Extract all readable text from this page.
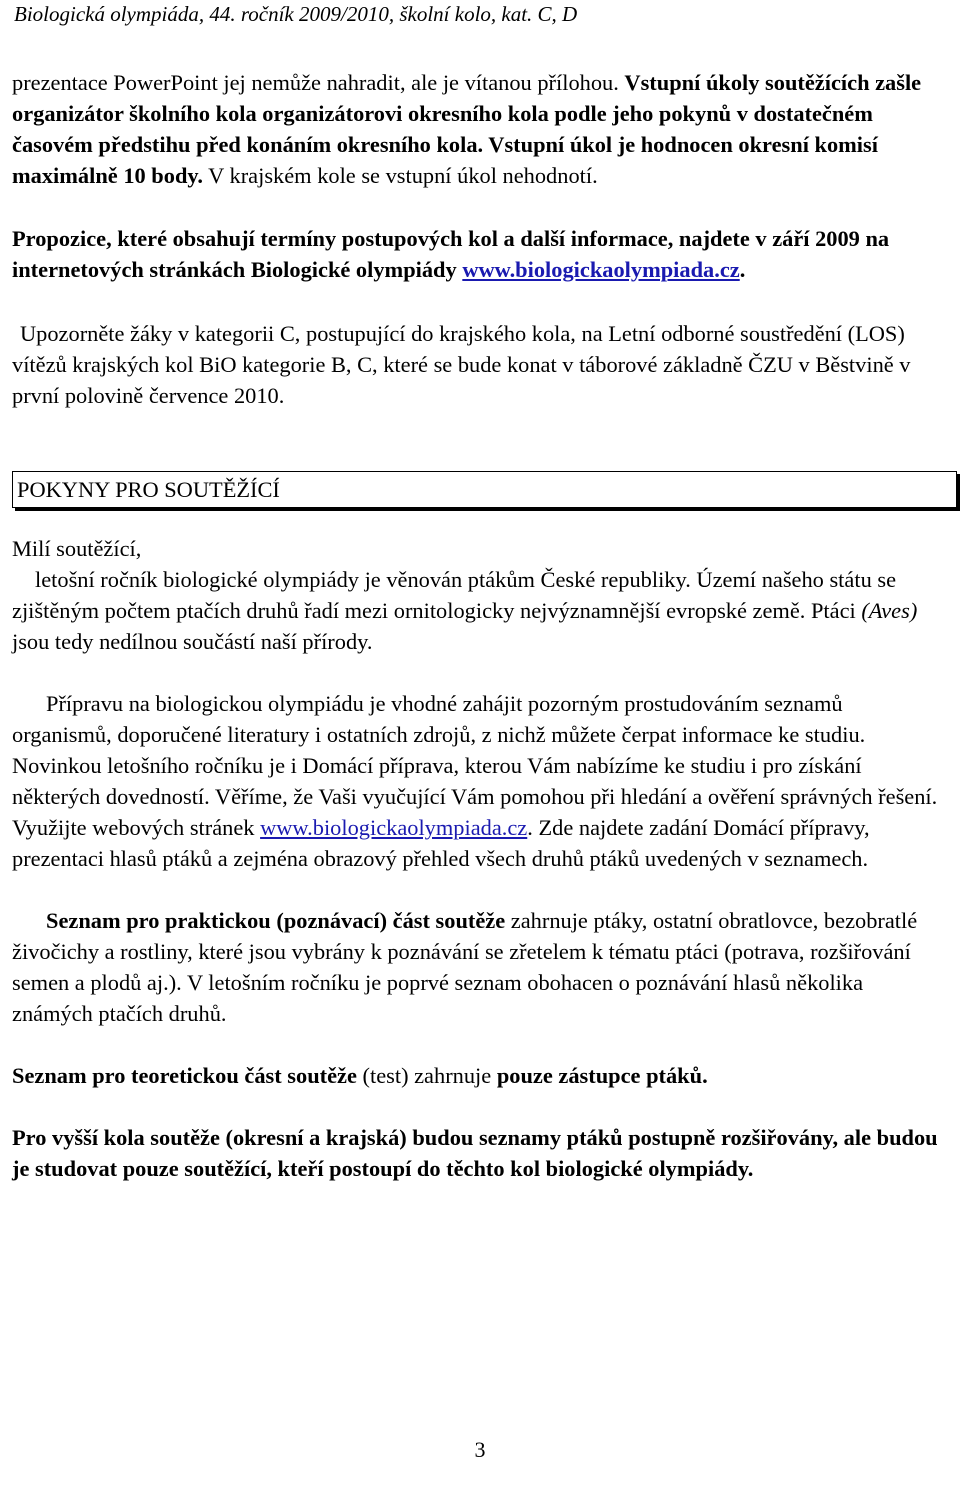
Biologická olympiáda, 44. ročník 2009/2010, školní kolo, kat. C, D

prezentace PowerPoint jej nemůže nahradit, ale je vítanou přílohou. Vstupní úkoly soutěžících zašle organizátor školního kola organizátorovi okresního kola podle jeho pokynů v dostatečném časovém předstihu před konáním okresního kola. Vstupní úkol je hodnocen okresní komisí maximálně 10 body. V krajském kole se vstupní úkol nehodnotí.

Propozice, které obsahují termíny postupových kol a další informace, najdete v září 2009 na internetových stránkách Biologické olympiády www.biologickaolympiada.cz.

Upozorněte žáky v kategorii C, postupující do krajského kola, na Letní odborné soustředění (LOS) vítězů krajských kol BiO kategorie B, C, které se bude konat v táborové základně ČZU v Běstvině v první polovině července 2010.

POKYNY PRO SOUTĚŽÍCÍ

Milí soutěžící,

letošní ročník biologické olympiády je věnován ptákům České republiky. Území našeho státu se zjištěným počtem ptačích druhů řadí mezi ornitologicky nejvýznamnější evropské země. Ptáci (Aves) jsou tedy nedílnou součástí naší přírody.

Přípravu na biologickou olympiádu je vhodné zahájit pozorným prostudováním seznamů organismů, doporučené literatury i ostatních zdrojů, z nichž můžete čerpat informace ke studiu. Novinkou letošního ročníku je i Domácí příprava, kterou Vám nabízíme ke studiu i pro získání některých dovedností. Věříme, že Vaši vyučující Vám pomohou při hledání a ověření správných řešení. Využijte webových stránek www.biologickaolympiada.cz. Zde najdete zadání Domácí přípravy, prezentaci hlasů ptáků a zejména obrazový přehled všech druhů ptáků uvedených v seznamech.

Seznam pro praktickou (poznávací) část soutěže zahrnuje ptáky, ostatní obratlovce, bezobratlé živočichy a rostliny, které jsou vybrány k poznávání se zřetelem k tématu ptáci (potrava, rozšiřování semen a plodů aj.). V letošním ročníku je poprvé seznam obohacen o poznávání hlasů několika známých ptačích druhů.

Seznam pro teoretickou část soutěže (test) zahrnuje pouze zástupce ptáků.

Pro vyšší kola soutěže (okresní a krajská) budou seznamy ptáků postupně rozšiřovány, ale budou je studovat pouze soutěžící, kteří postoupí do těchto kol biologické olympiády.

3
